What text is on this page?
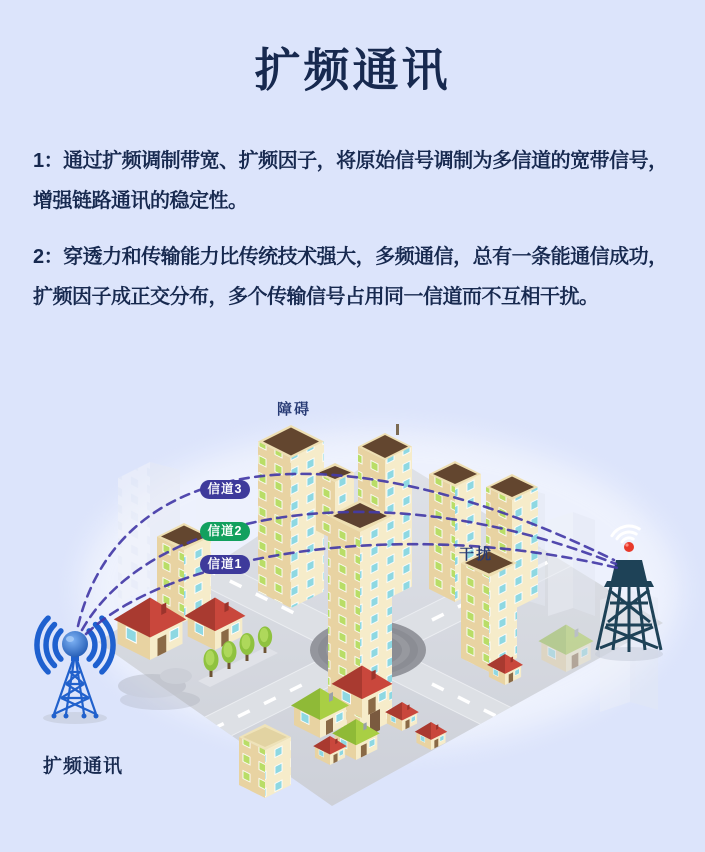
扩频通讯

1：通过扩频调制带宽、扩频因子，将原始信号调制为多信道的宽带信号，
增强链路通讯的稳定性。

2：穿透力和传输能力比传统技术强大，多频通信，总有一条能通信成功，
扩频因子成正交分布，多个传输信号占用同一信道而不互相干扰。

障碍
干扰
信道3
信道2
信道1
扩频通讯
